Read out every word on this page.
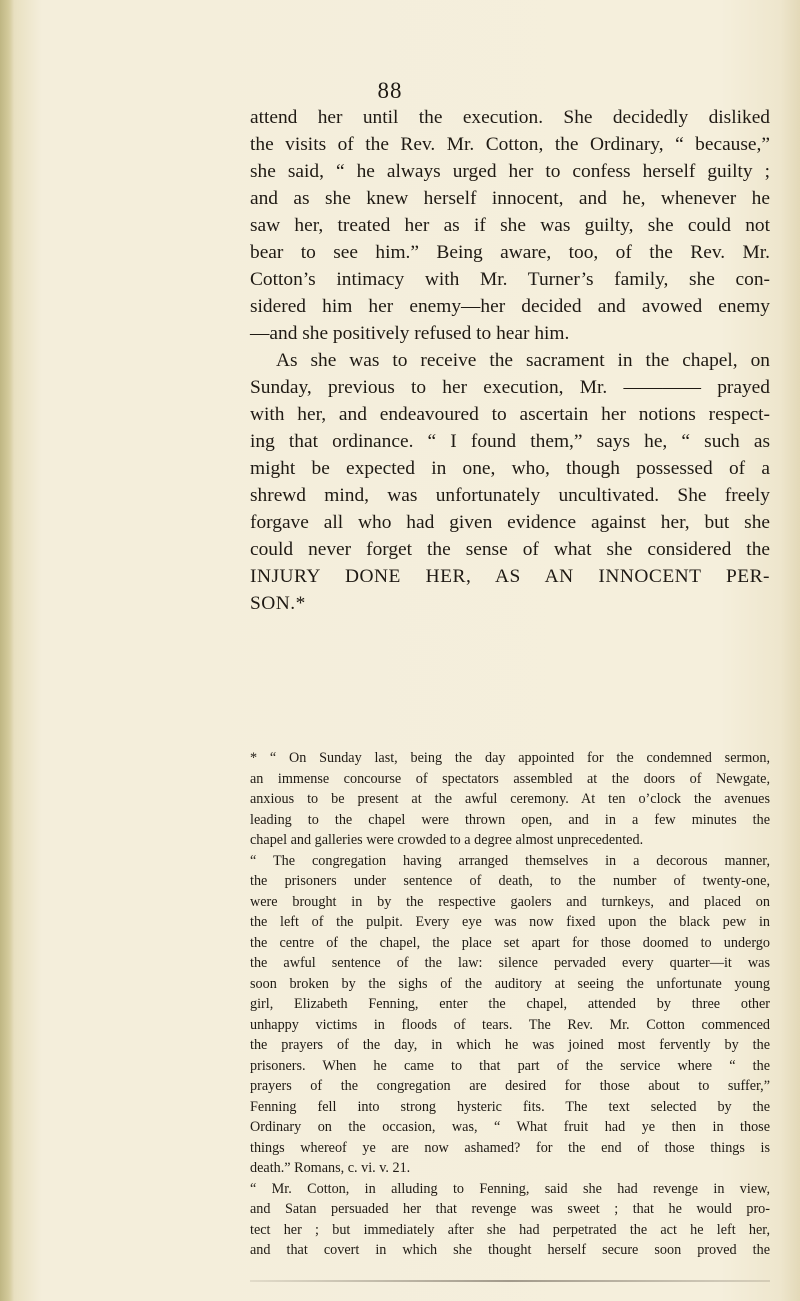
88

attend her until the execution. She decidedly disliked
the visits of the Rev. Mr. Cotton, the Ordinary, “ because,”
she said, “ he always urged her to confess herself guilty ;
and as she knew herself innocent, and he, whenever he
saw her, treated her as if she was guilty, she could not
bear to see him.” Being aware, too, of the Rev. Mr.
Cotton’s intimacy with Mr. Turner’s family, she con-
sidered him her enemy—her decided and avowed enemy
—and she positively refused to hear him.

As she was to receive the sacrament in the chapel, on
Sunday, previous to her execution, Mr. ———— prayed
with her, and endeavoured to ascertain her notions respect-
ing that ordinance. “ I found them,” says he, “ such as
might be expected in one, who, though possessed of a
shrewd mind, was unfortunately uncultivated. She freely
forgave all who had given evidence against her, but she
could never forget the sense of what she considered the
INJURY DONE HER, AS AN INNOCENT PER-
SON.*

* “ On Sunday last, being the day appointed for the condemned sermon,
an immense concourse of spectators assembled at the doors of Newgate,
anxious to be present at the awful ceremony. At ten o’clock the avenues
leading to the chapel were thrown open, and in a few minutes the
chapel and galleries were crowded to a degree almost unprecedented.
“ The congregation having arranged themselves in a decorous manner,
the prisoners under sentence of death, to the number of twenty-one,
were brought in by the respective gaolers and turnkeys, and placed on
the left of the pulpit. Every eye was now fixed upon the black pew in
the centre of the chapel, the place set apart for those doomed to undergo
the awful sentence of the law: silence pervaded every quarter—it was
soon broken by the sighs of the auditory at seeing the unfortunate young
girl, Elizabeth Fenning, enter the chapel, attended by three other
unhappy victims in floods of tears. The Rev. Mr. Cotton commenced
the prayers of the day, in which he was joined most fervently by the
prisoners. When he came to that part of the service where “ the
prayers of the congregation are desired for those about to suffer,”
Fenning fell into strong hysteric fits. The text selected by the
Ordinary on the occasion, was, “ What fruit had ye then in those
things whereof ye are now ashamed? for the end of those things is
death.” Romans, c. vi. v. 21.
“ Mr. Cotton, in alluding to Fenning, said she had revenge in view,
and Satan persuaded her that revenge was sweet ; that he would pro-
tect her ; but immediately after she had perpetrated the act he left her,
and that covert in which she thought herself secure soon proved the
